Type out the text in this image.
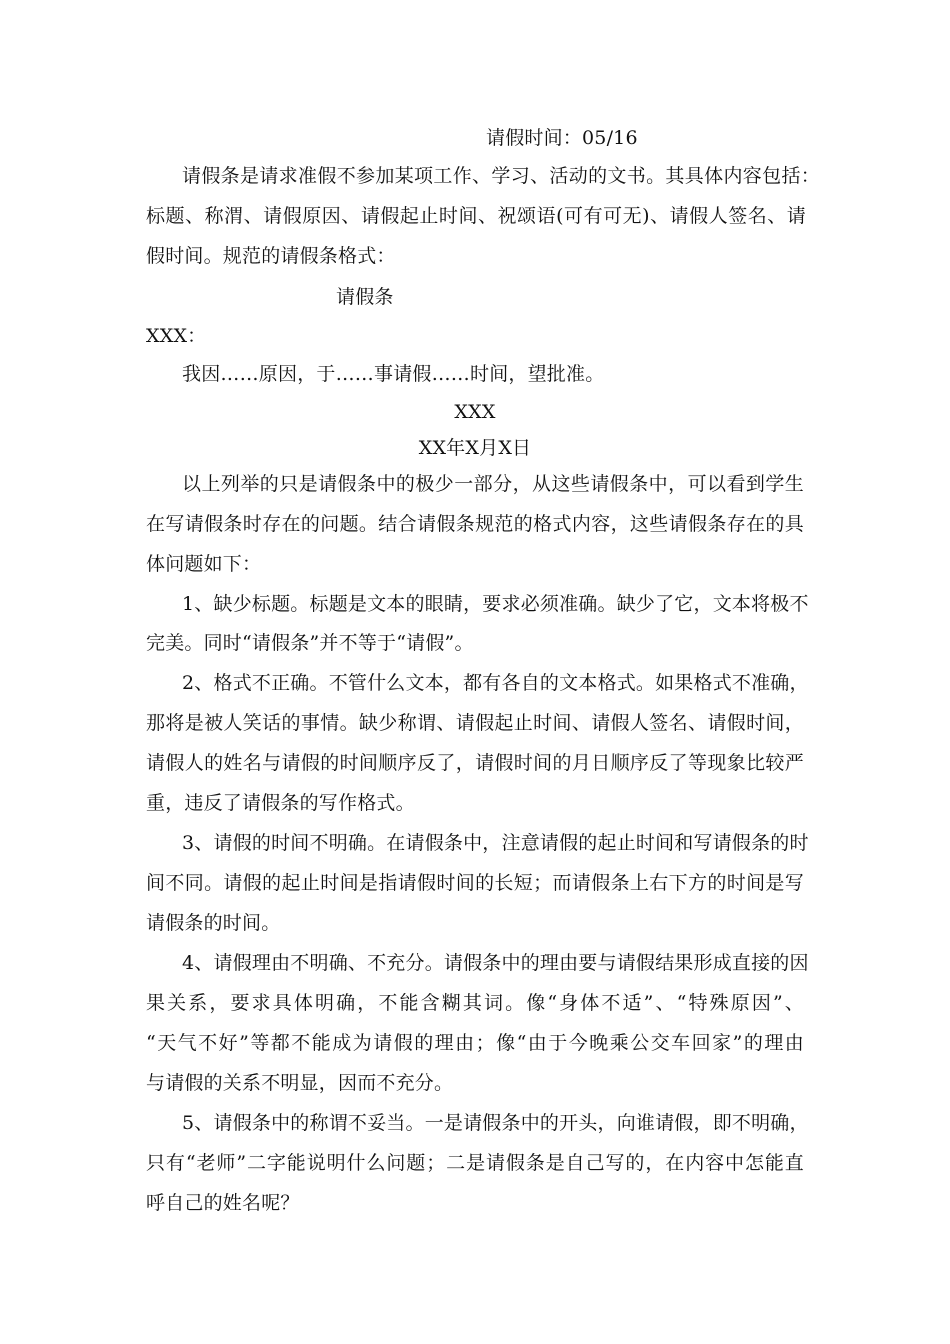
请假时间：05/16
请假条是请求准假不参加某项工作、学习、活动的文书。其具体内容包括：
标题、称渭、请假原因、请假起止时间、祝颂语(可有可无)、请假人签名、请
假时间。规范的请假条格式：
请假条
XXX：
我因……原因，于……事请假……时间，望批准。
XXX
XX年X月X日
以上列举的只是请假条中的极少一部分，从这些请假条中，可以看到学生
在写请假条时存在的问题。结合请假条规范的格式内容，这些请假条存在的具
体问题如下：
1、缺少标题。标题是文本的眼睛，要求必须准确。缺少了它，文本将极不
完美。同时“请假条”并不等于“请假”。
2、格式不正确。不管什么文本，都有各自的文本格式。如果格式不准确，
那将是被人笑话的事情。缺少称谓、请假起止时间、请假人签名、请假时间，
请假人的姓名与请假的时间顺序反了，请假时间的月日顺序反了等现象比较严
重，违反了请假条的写作格式。
3、请假的时间不明确。在请假条中，注意请假的起止时间和写请假条的时
间不同。请假的起止时间是指请假时间的长短；而请假条上右下方的时间是写
请假条的时间。
4、请假理由不明确、不充分。请假条中的理由要与请假结果形成直接的因
果关系，要求具体明确，不能含糊其词。像“身体不适”、“特殊原因”、
“天气不好”等都不能成为请假的理由；像“由于今晚乘公交车回家”的理由
与请假的关系不明显，因而不充分。
5、请假条中的称谓不妥当。一是请假条中的开头，向谁请假，即不明确，
只有“老师”二字能说明什么问题；二是请假条是自己写的，在内容中怎能直
呼自己的姓名呢？
